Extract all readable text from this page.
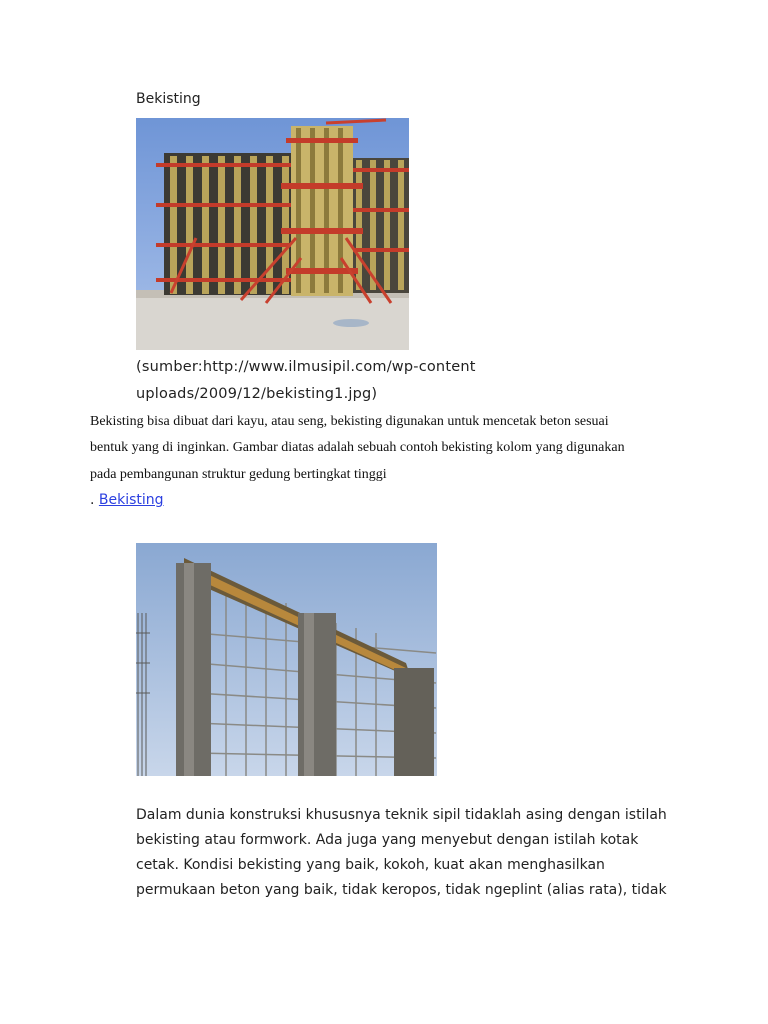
Bekisting
(sumber:http://www.ilmusipil.com/wp-content
uploads/2009/12/bekisting1.jpg)
Bekisting bisa dibuat dari kayu, atau seng, bekisting digunakan untuk mencetak beton sesuai
bentuk yang di inginkan. Gambar diatas adalah sebuah contoh bekisting kolom yang digunakan
pada pembangunan struktur gedung bertingkat tinggi
. Bekisting
Dalam dunia konstruksi khususnya teknik sipil tidaklah asing dengan istilah
bekisting atau formwork. Ada juga yang menyebut dengan istilah kotak
cetak. Kondisi bekisting yang baik, kokoh, kuat akan menghasilkan
permukaan beton yang baik, tidak keropos, tidak ngeplint (alias rata), tidak
